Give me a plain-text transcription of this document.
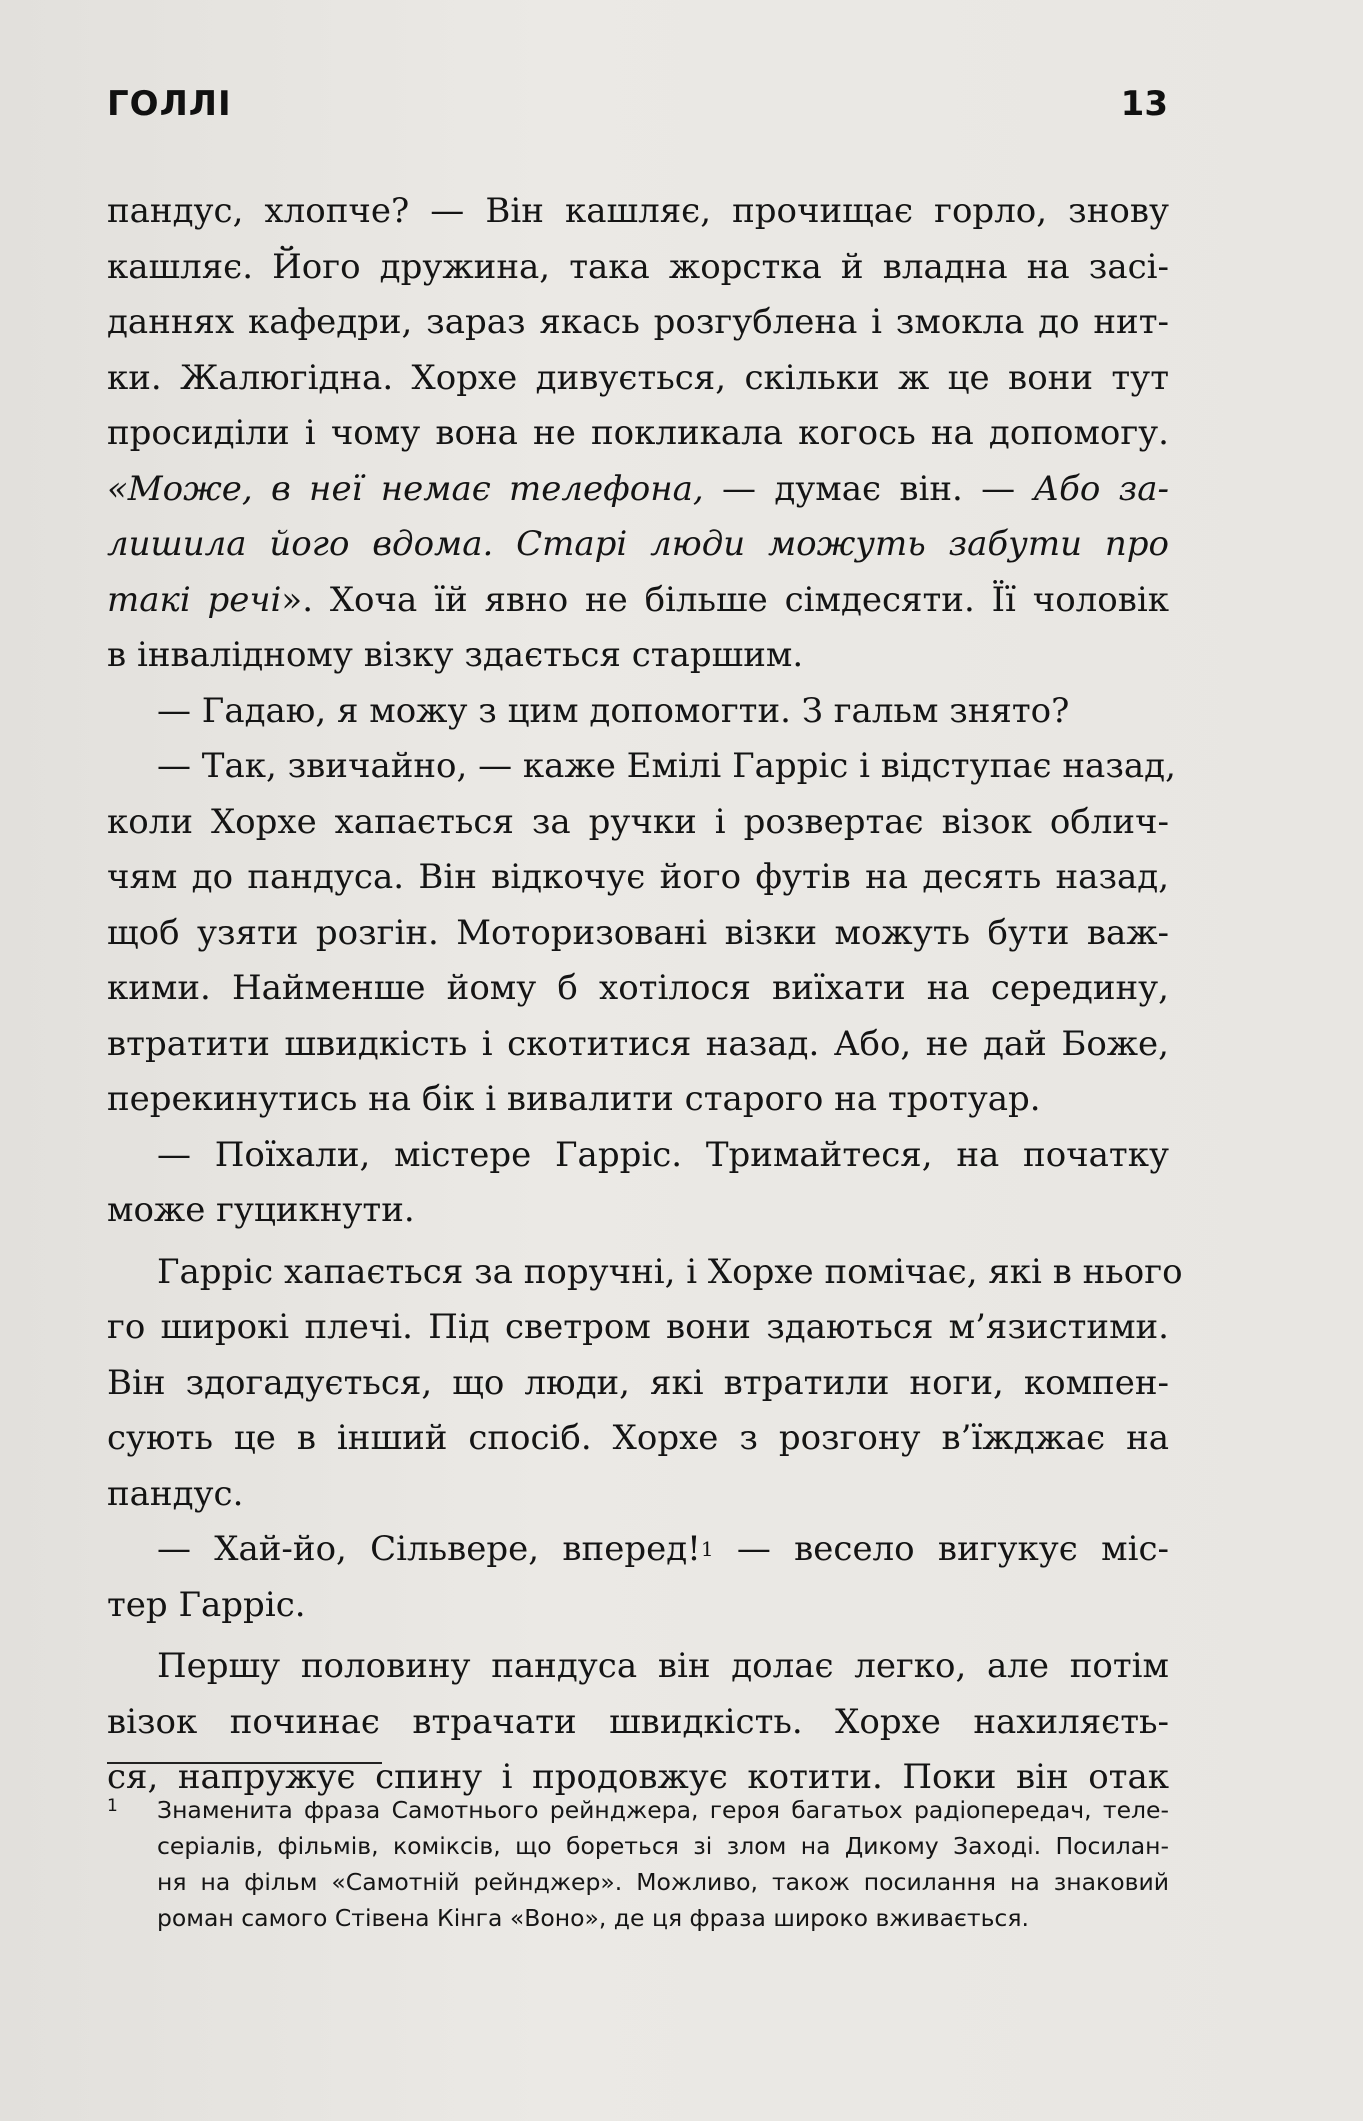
ГОЛЛІ	13
пандус, хлопче? — Він кашляє, прочищає горло, знову
кашляє. Його дружина, така жорстка й владна на засі-
даннях кафедри, зараз якась розгублена і змокла до нит-
ки. Жалюгідна. Хорхе дивується, скільки ж це вони тут
просиділи і чому вона не покликала когось на допомогу.
«Може, в неї немає телефона, — думає він. — Або за-
лишила його вдома. Старі люди можуть забути про
такі речі». Хоча їй явно не більше сімдесяти. Її чоловік
в інвалідному візку здається старшим.
— Гадаю, я можу з цим допомогти. З гальм знято?
— Так, звичайно, — каже Емілі Гарріс і відступає назад,
коли Хорхе хапається за ручки і розвертає візок облич-
чям до пандуса. Він відкочує його футів на десять назад,
щоб узяти розгін. Моторизовані візки можуть бути важ-
кими. Найменше йому б хотілося виїхати на середину,
втратити швидкість і скотитися назад. Або, не дай Боже,
перекинутись на бік і вивалити старого на тротуар.
— Поїхали, містере Гарріс. Тримайтеся, на початку
може гуцикнути.
Гарріс хапається за поручні, і Хорхе помічає, які в нього
го широкі плечі. Під светром вони здаються м’язистими.
Він здогадується, що люди, які втратили ноги, компен-
сують це в інший спосіб. Хорхе з розгону в’їжджає на
пандус.
— Хай-йо, Сільвере, вперед!$^1$ — весело вигукує міс-
тер Гарріс.
Першу половину пандуса він долає легко, але потім
візок починає втрачати швидкість. Хорхе нахиляєть-
ся, напружує спину і продовжує котити. Поки він отак
1	Знаменита фраза Самотнього рейнджера, героя багатьох радіопередач, теле-
серіалів, фільмів, коміксів, що бореться зі злом на Дикому Заході. Посилан-
ня на фільм «Самотній рейнджер». Можливо, також посилання на знаковий
роман самого Стівена Кінга «Воно», де ця фраза широко вживається.
